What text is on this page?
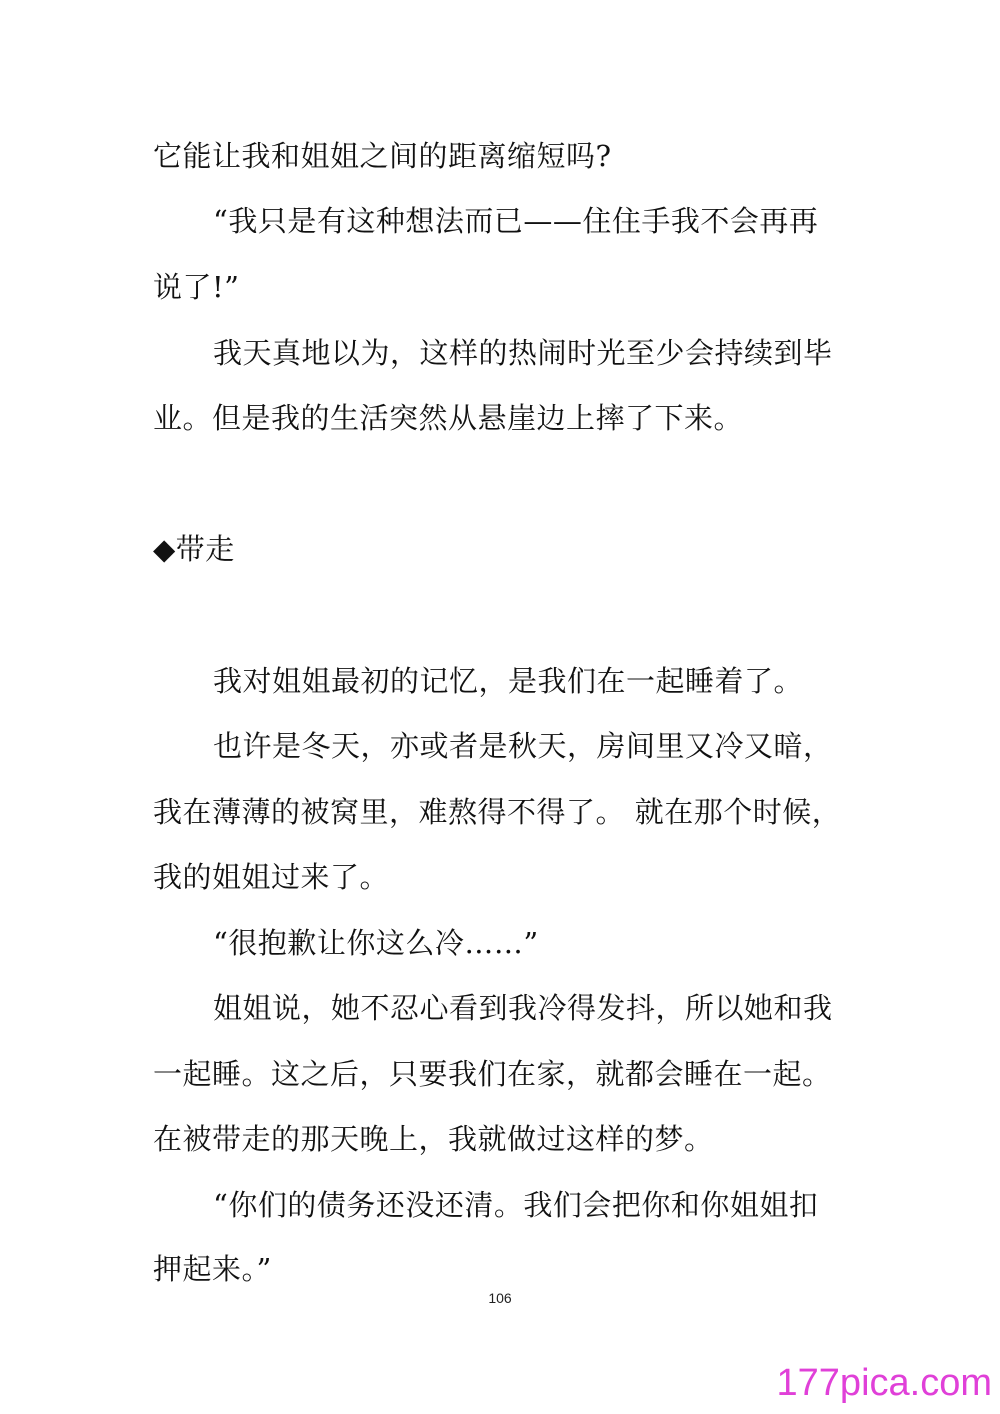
它能让我和姐姐之间的距离缩短吗?
“我只是有这种想法而已——住住手我不会再再
说了!”
我天真地以为，这样的热闹时光至少会持续到毕
业。但是我的生活突然从悬崖边上摔了下来。
◆带走
我对姐姐最初的记忆，是我们在一起睡着了。
也许是冬天，亦或者是秋天，房间里又冷又暗，
我在薄薄的被窝里，难熬得不得了。 就在那个时候，
我的姐姐过来了。
“很抱歉让你这么冷……”
姐姐说，她不忍心看到我冷得发抖，所以她和我
一起睡。这之后，只要我们在家，就都会睡在一起。
在被带走的那天晚上，我就做过这样的梦。
“你们的债务还没还清。我们会把你和你姐姐扣
押起来。”
106
177pica.com
